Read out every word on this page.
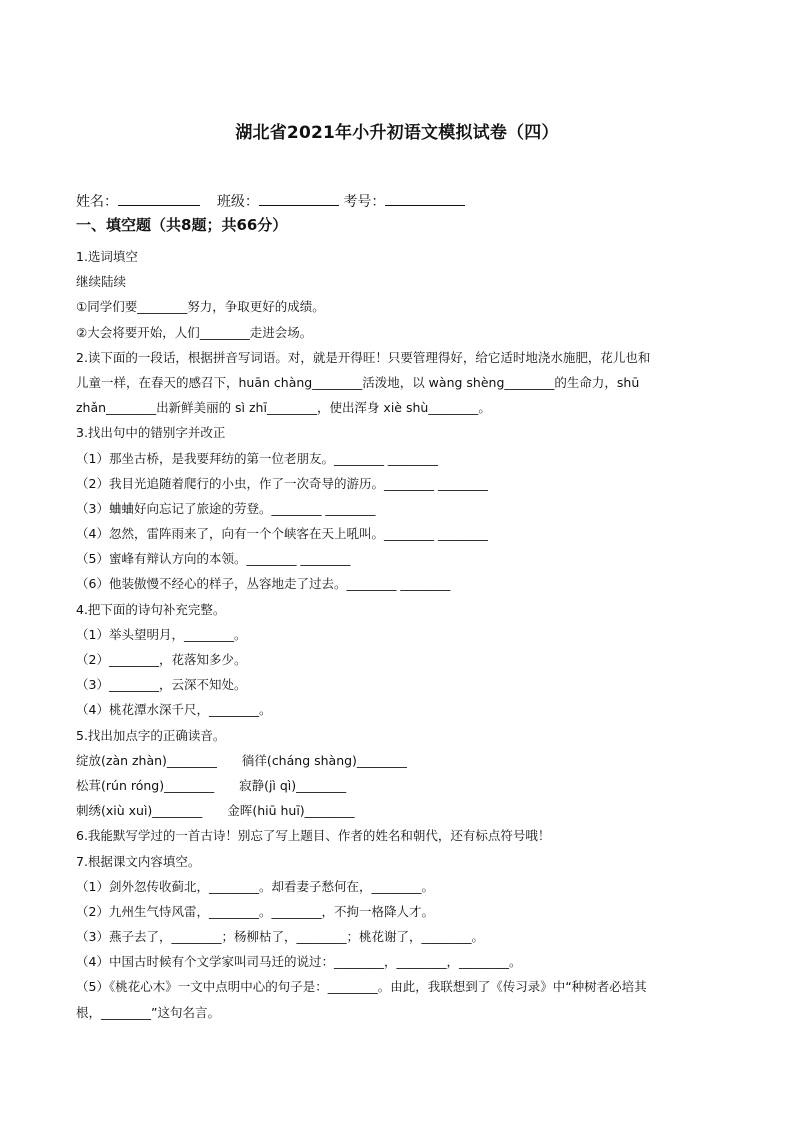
湖北省2021年小升初语文模拟试卷（四）
姓名：	班级：	考号：
一、填空题（共8题；共66分）
1.选词填空
继续陆续
①同学们要________努力，争取更好的成绩。
②大会将要开始，人们________走进会场。
2.读下面的一段话，根据拼音写词语。对，就是开得旺！只要管理得好，给它适时地浇水施肥，花儿也和
儿童一样，在春天的感召下，huān chàng________活泼地，以 wàng shèng________的生命力，shū
zhǎn________出新鲜美丽的 sì zhī________，使出浑身 xiè shù________。
3.找出句中的错别字并改正
（1）那坐古桥，是我要拜纺的第一位老朋友。________ ________
（2）我目光追随着爬行的小虫，作了一次奇导的游历。________ ________
（3）蛐蛐好向忘记了旅途的劳登。________ ________
（4）忽然，雷阵雨来了，向有一个个峡客在天上吼叫。________ ________
（5）蜜峰有辩认方向的本领。________ ________
（6）他装傲慢不经心的样子，丛容地走了过去。________ ________
4.把下面的诗句补充完整。
（1）举头望明月，________。
（2）________，花落知多少。
（3）________，云深不知处。
（4）桃花潭水深千尺，________。
5.找出加点字的正确读音。
绽放(zàn zhàn)________　　徜徉(cháng shàng)________
松茸(rún róng)________　　寂静(jì qì)________
刺绣(xiù xuì)________　　金晖(hiū huī)________
6.我能默写学过的一首古诗！别忘了写上题目、作者的姓名和朝代，还有标点符号哦！
7.根据课文内容填空。
（1）剑外忽传收蓟北，________。却看妻子愁何在，________。
（2）九州生气恃风雷，________。________，不拘一格降人才。
（3）燕子去了，________；杨柳枯了，________；桃花谢了，________。
（4）中国古时候有个文学家叫司马迁的说过：________，________，________。
（5）《桃花心木》一文中点明中心的句子是：________。由此，我联想到了《传习录》中“种树者必培其
根，________”这句名言。
